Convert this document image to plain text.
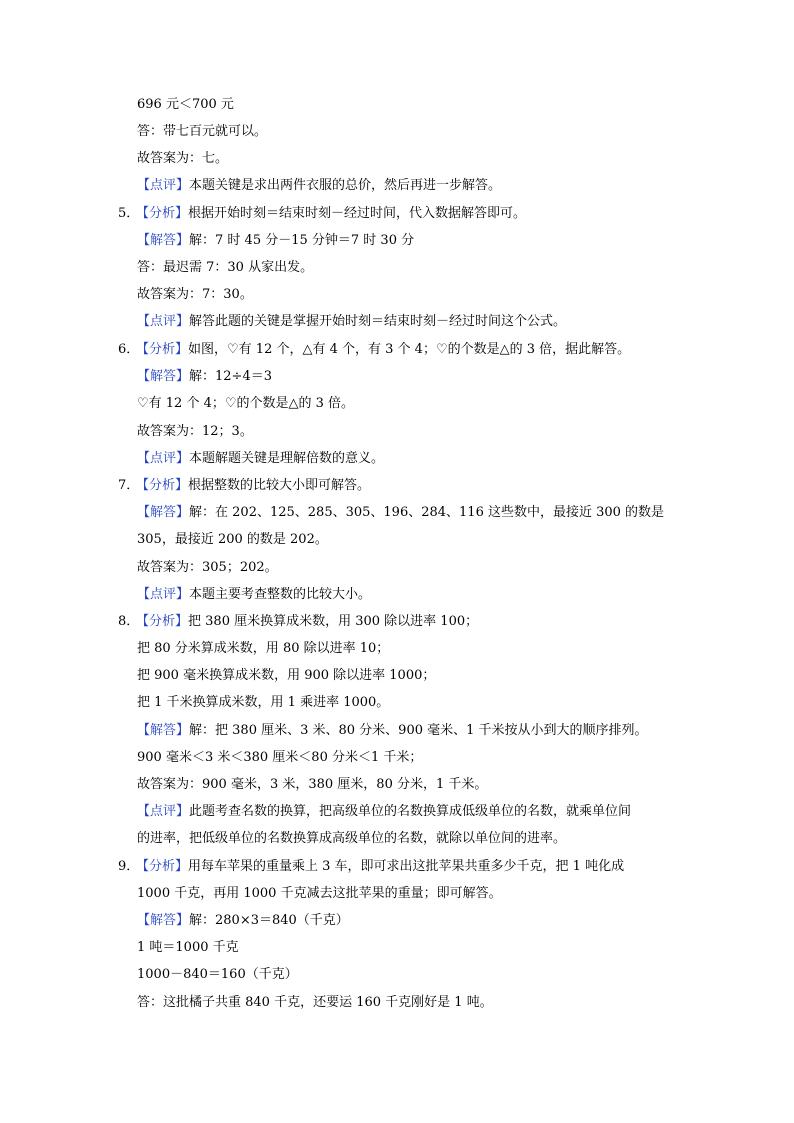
696 元＜700 元
答：带七百元就可以。
故答案为：七。
【点评】本题关键是求出两件衣服的总价，然后再进一步解答。
5．【分析】根据开始时刻＝结束时刻－经过时间，代入数据解答即可。
【解答】解：7 时 45 分－15 分钟＝7 时 30 分
答：最迟需 7：30 从家出发。
故答案为：7：30。
【点评】解答此题的关键是掌握开始时刻＝结束时刻－经过时间这个公式。
6．【分析】如图，♡有 12 个，△有 4 个，有 3 个 4；♡的个数是△的 3 倍，据此解答。
【解答】解：12÷4＝3
♡有 12 个 4；♡的个数是△的 3 倍。
故答案为：12；3。
【点评】本题解题关键是理解倍数的意义。
7．【分析】根据整数的比较大小即可解答。
【解答】解：在 202、125、285、305、196、284、116 这些数中，最接近 300 的数是
305，最接近 200 的数是 202。
故答案为：305；202。
【点评】本题主要考查整数的比较大小。
8．【分析】把 380 厘米换算成米数，用 300 除以进率 100；
把 80 分米算成米数，用 80 除以进率 10；
把 900 毫米换算成米数，用 900 除以进率 1000；
把 1 千米换算成米数，用 1 乘进率 1000。
【解答】解：把 380 厘米、3 米、80 分米、900 毫米、1 千米按从小到大的顺序排列。
900 毫米＜3 米＜380 厘米＜80 分米＜1 千米；
故答案为：900 毫米，3 米，380 厘米，80 分米，1 千米。
【点评】此题考查名数的换算，把高级单位的名数换算成低级单位的名数，就乘单位间
的进率，把低级单位的名数换算成高级单位的名数，就除以单位间的进率。
9．【分析】用每车苹果的重量乘上 3 车，即可求出这批苹果共重多少千克，把 1 吨化成
1000 千克，再用 1000 千克减去这批苹果的重量；即可解答。
【解答】解：280×3＝840（千克）
1 吨＝1000 千克
1000－840＝160（千克）
答：这批橘子共重 840 千克，还要运 160 千克刚好是 1 吨。
